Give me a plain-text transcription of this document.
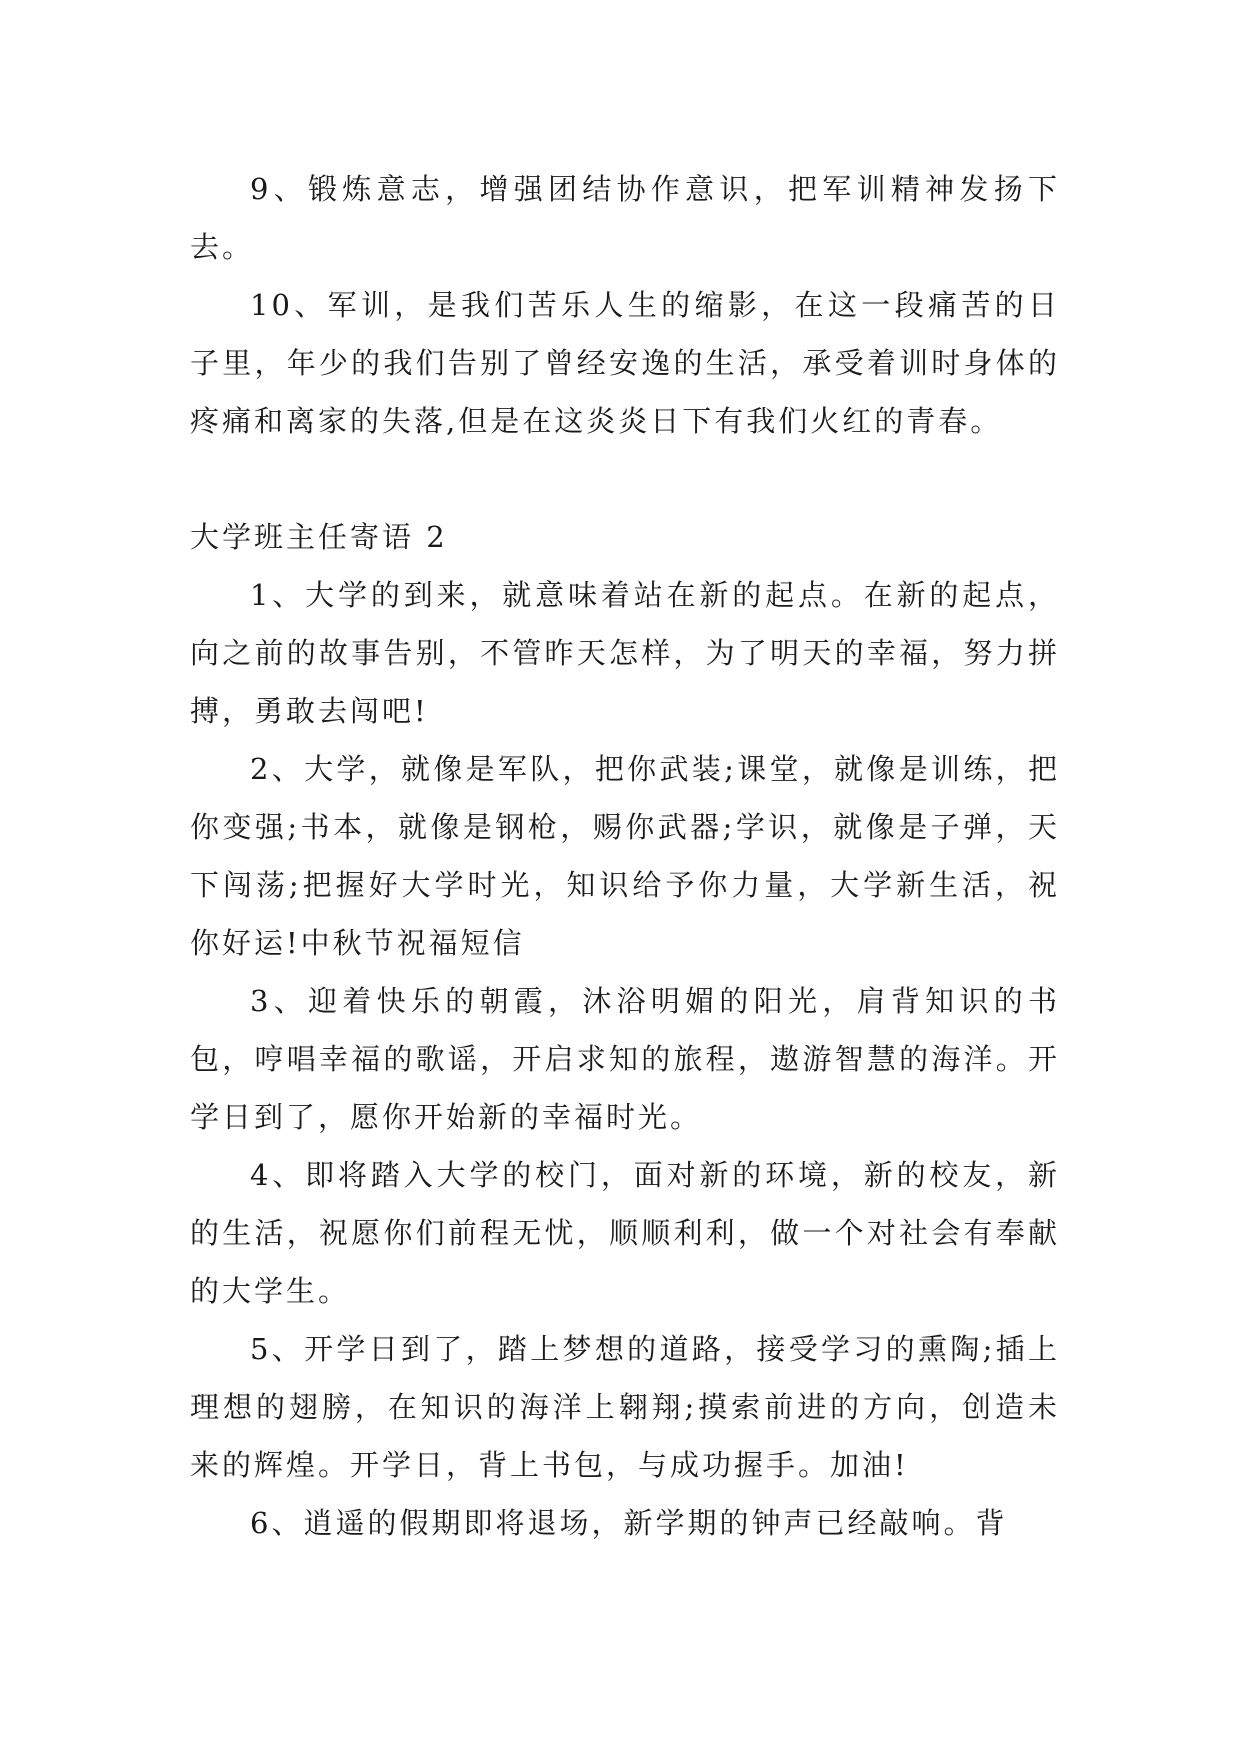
9、锻炼意志，增强团结协作意识，把军训精神发扬下去。

10、军训，是我们苦乐人生的缩影，在这一段痛苦的日子里，年少的我们告别了曾经安逸的生活，承受着训时身体的疼痛和离家的失落,但是在这炎炎日下有我们火红的青春。

大学班主任寄语 2

1、大学的到来，就意味着站在新的起点。在新的起点，向之前的故事告别，不管昨天怎样，为了明天的幸福，努力拼搏，勇敢去闯吧!

2、大学，就像是军队，把你武装;课堂，就像是训练，把你变强;书本，就像是钢枪，赐你武器;学识，就像是子弹，天下闯荡;把握好大学时光，知识给予你力量，大学新生活，祝你好运!中秋节祝福短信

3、迎着快乐的朝霞，沐浴明媚的阳光，肩背知识的书包，哼唱幸福的歌谣，开启求知的旅程，遨游智慧的海洋。开学日到了，愿你开始新的幸福时光。

4、即将踏入大学的校门，面对新的环境，新的校友，新的生活，祝愿你们前程无忧，顺顺利利，做一个对社会有奉献的大学生。

5、开学日到了，踏上梦想的道路，接受学习的熏陶;插上理想的翅膀，在知识的海洋上翱翔;摸索前进的方向，创造未来的辉煌。开学日，背上书包，与成功握手。加油!

6、逍遥的假期即将退场，新学期的钟声已经敲响。背
